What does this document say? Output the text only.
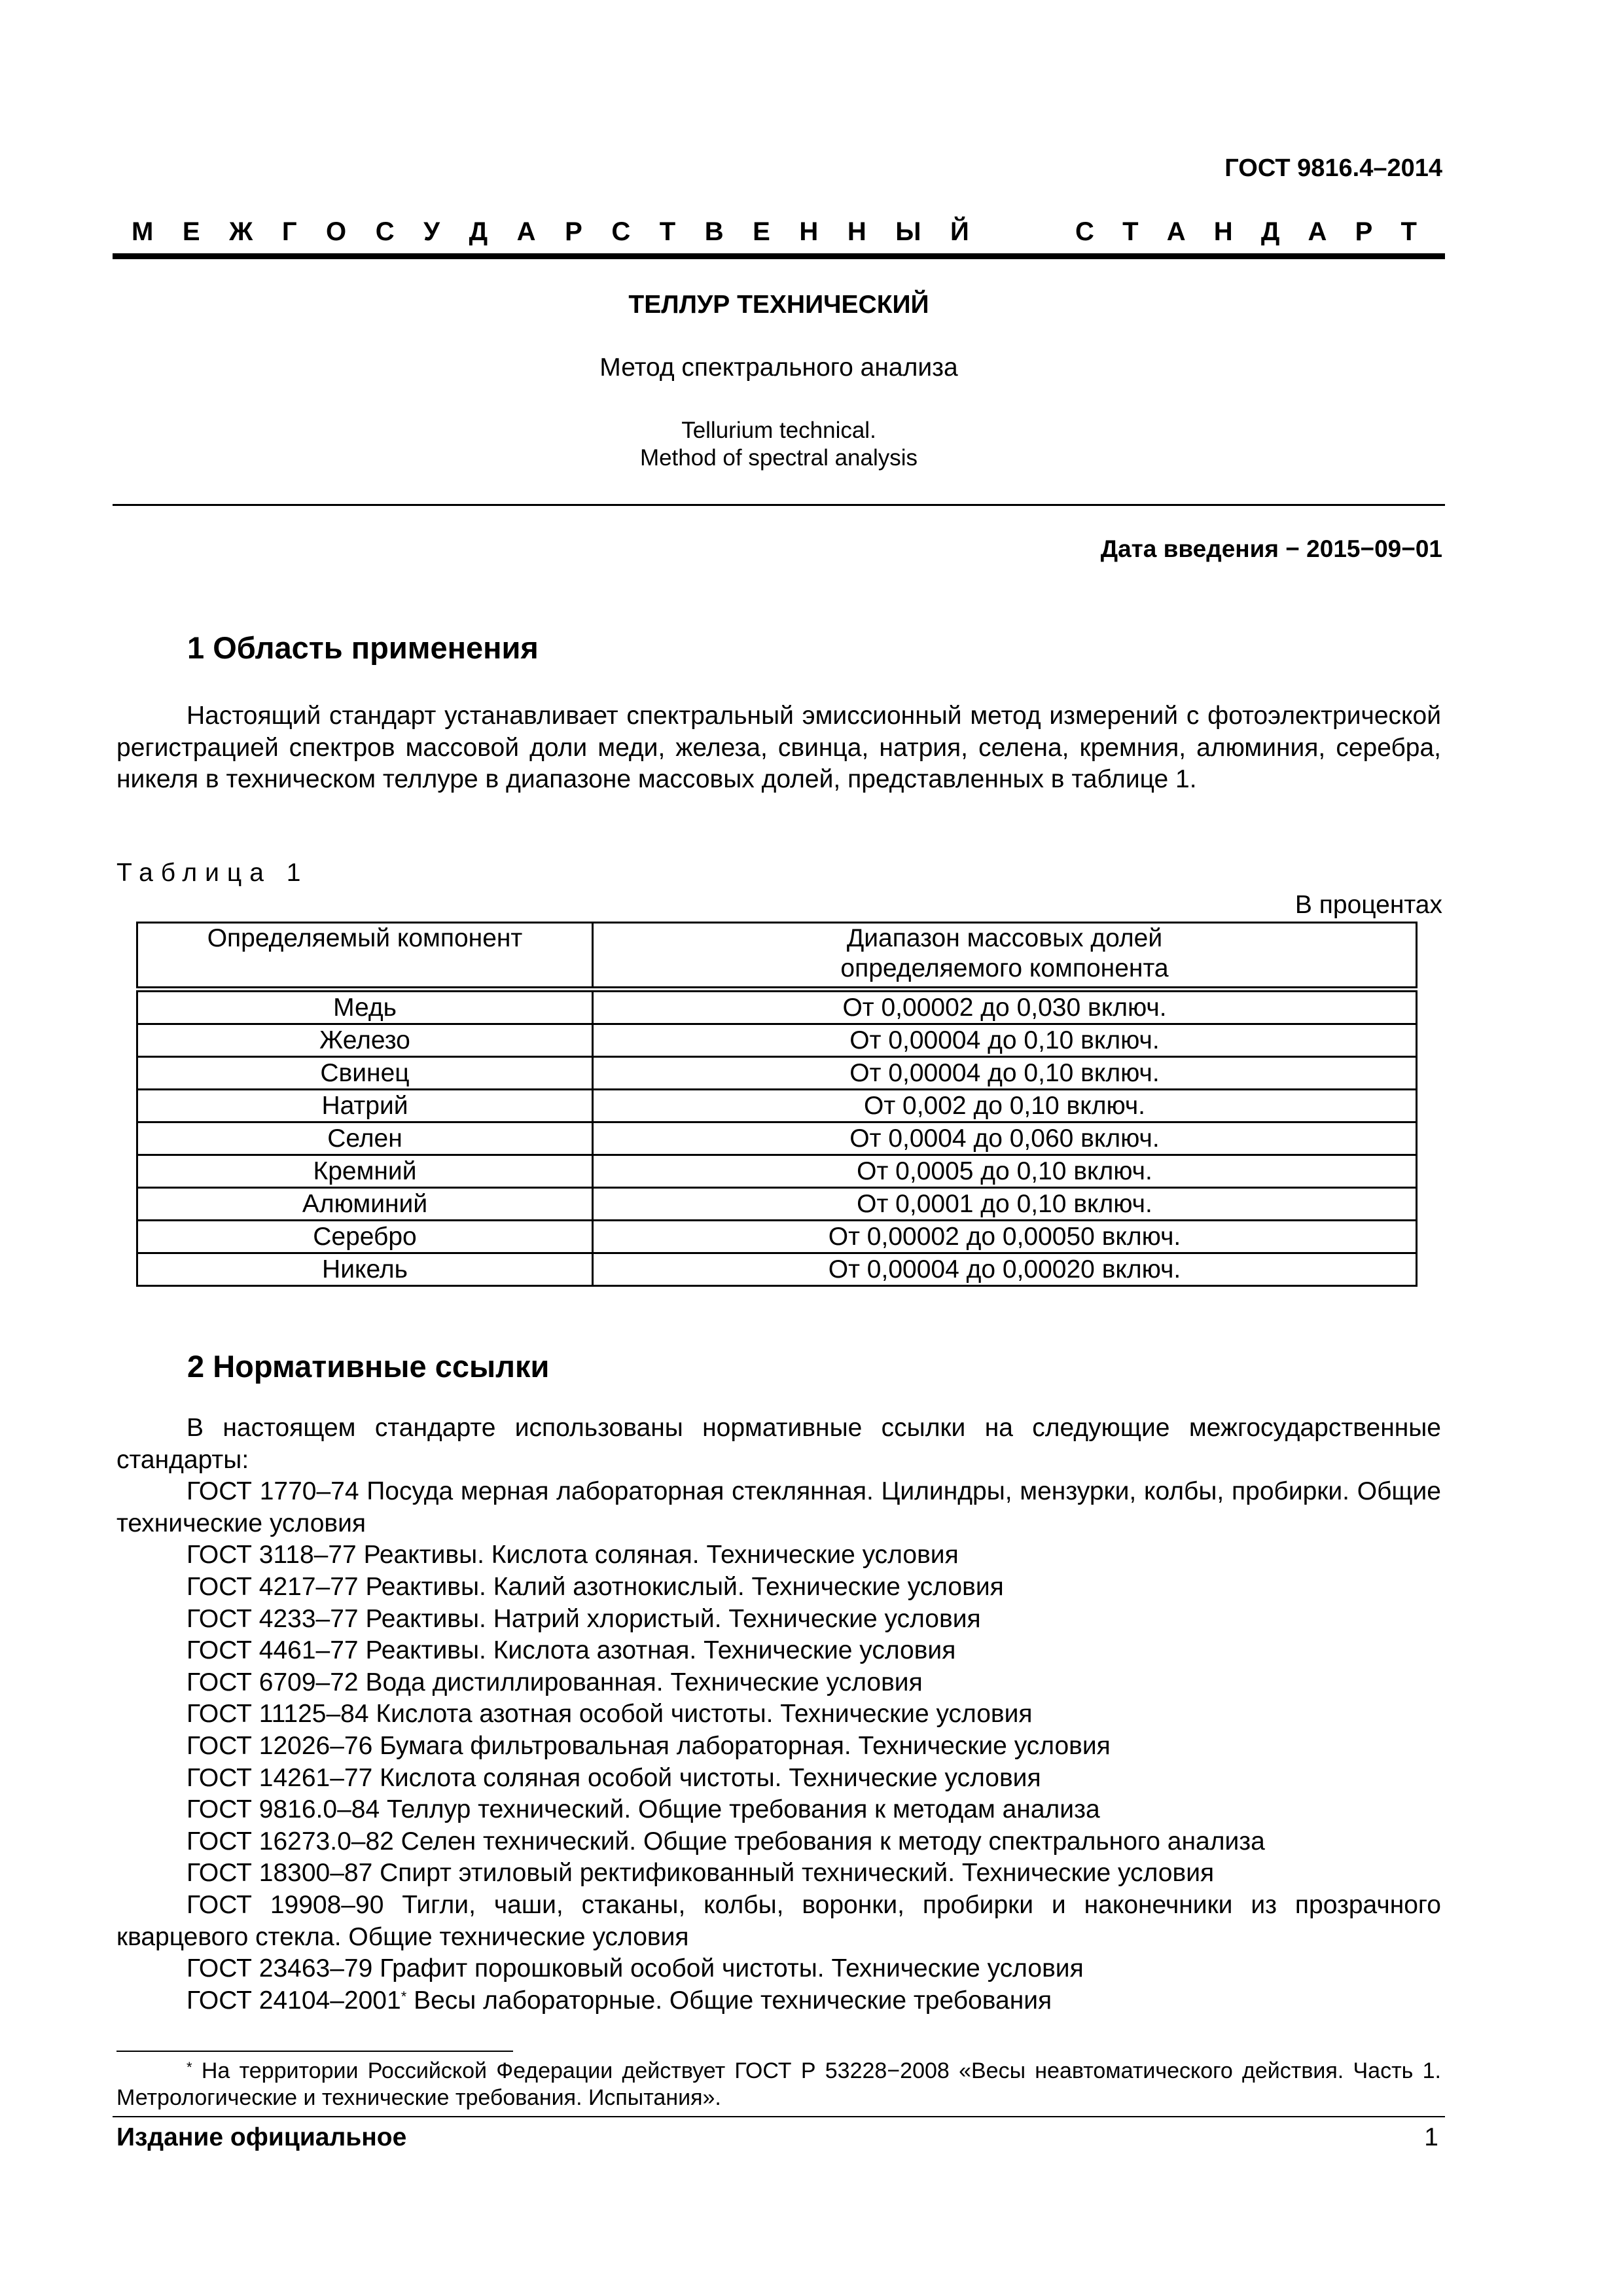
ГОСТ 9816.4–2014
М Е Ж Г О С У Д А Р С Т В Е Н Н Ы Й	С Т А Н Д А Р Т
ТЕЛЛУР ТЕХНИЧЕСКИЙ
Метод спектрального анализа
Tellurium technical.
Method of spectral analysis
Дата введения − 2015−09−01
1 Область применения
Настоящий стандарт устанавливает спектральный эмиссионный метод измерений с фотоэлектрической регистрацией спектров массовой доли меди, железа, свинца, натрия, селена, кремния, алюминия, серебра, никеля в техническом теллуре в диапазоне массовых долей, представленных в таблице 1.
Таблица 1
В процентах
Определяемый компонент	Диапазон массовых долей определяемого компонента
Медь	От 0,00002 до 0,030 включ.
Железо	От 0,00004 до 0,10 включ.
Свинец	От 0,00004 до 0,10 включ.
Натрий	От 0,002 до 0,10 включ.
Селен	От 0,0004 до 0,060 включ.
Кремний	От 0,0005 до 0,10 включ.
Алюминий	От 0,0001 до 0,10 включ.
Серебро	От 0,00002 до 0,00050 включ.
Никель	От 0,00004 до 0,00020 включ.
2 Нормативные ссылки
В настоящем стандарте использованы нормативные ссылки на следующие межгосударственные стандарты:
ГОСТ 1770–74 Посуда мерная лабораторная стеклянная. Цилиндры, мензурки, колбы, пробирки. Общие технические условия
ГОСТ 3118–77 Реактивы. Кислота соляная. Технические условия
ГОСТ 4217–77 Реактивы. Калий азотнокислый. Технические условия
ГОСТ 4233–77 Реактивы. Натрий хлористый. Технические условия
ГОСТ 4461–77 Реактивы. Кислота азотная. Технические условия
ГОСТ 6709–72 Вода дистиллированная. Технические условия
ГОСТ 11125–84 Кислота азотная особой чистоты. Технические условия
ГОСТ 12026–76 Бумага фильтровальная лабораторная. Технические условия
ГОСТ 14261–77 Кислота соляная особой чистоты. Технические условия
ГОСТ 9816.0–84 Теллур технический. Общие требования к методам анализа
ГОСТ 16273.0–82 Селен технический. Общие требования к методу спектрального анализа
ГОСТ 18300–87 Спирт этиловый ректификованный технический. Технические условия
ГОСТ 19908–90 Тигли, чаши, стаканы, колбы, воронки, пробирки и наконечники из прозрачного кварцевого стекла. Общие технические условия
ГОСТ 23463–79 Графит порошковый особой чистоты. Технические условия
ГОСТ 24104–2001* Весы лабораторные. Общие технические требования
* На территории Российской Федерации действует ГОСТ Р 53228−2008 «Весы неавтоматического действия. Часть 1. Метрологические и технические требования. Испытания».
Издание официальное	1
